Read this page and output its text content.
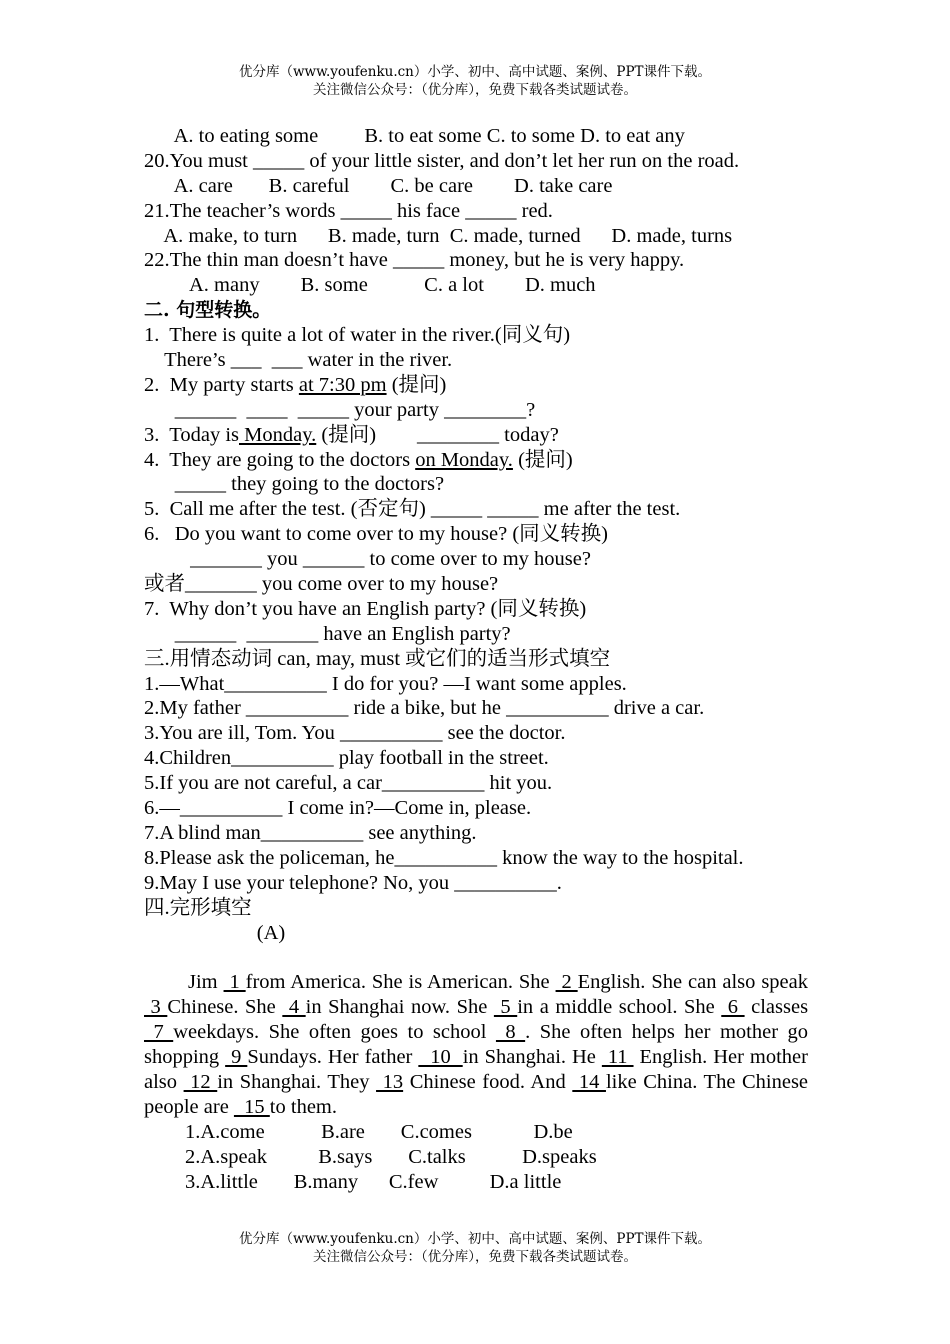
优分库（www.youfenku.cn）小学、初中、高中试题、案例、PPT课件下载。
关注微信公众号：（优分库），免费下载各类试题试卷。
A. to eating some         B. to eat some C. to some D. to eat any
20.You must _____ of your little sister, and don’t let her run on the road.
A. care       B. careful        C. be care        D. take care
21.The teacher’s words _____ his face _____ red.
A. make, to turn      B. made, turn  C. made, turned      D. made, turns
22.The thin man doesn’t have _____ money, but he is very happy.
A. many        B. some           C. a lot        D. much
二. 句型转换。
1.  There is quite a lot of water in the river.(同义句)
There’s ___  ___ water in the river.
2.  My party starts at 7:30 pm (提问)
______  ____  _____ your party ________?
3.  Today is Monday. (提问)        ________ today?
4.  They are going to the doctors on Monday. (提问)
_____ they going to the doctors?
5.  Call me after the test. (否定句) _____ _____ me after the test.
6.   Do you want to come over to my house? (同义转换)
_______ you ______ to come over to my house?
或者_______ you come over to my house?
7.  Why don’t you have an English party? (同义转换)
______  _______ have an English party?
三.用情态动词 can, may, must 或它们的适当形式填空
1.—What__________ I do for you? —I want some apples.
2.My father __________ ride a bike, but he __________ drive a car.
3.You are ill, Tom. You __________ see the doctor.
4.Children__________ play football in the street.
5.If you are not careful, a car__________ hit you.
6.—__________ I come in?—Come in, please.
7.A blind man__________ see anything.
8.Please ask the policeman, he__________ know the way to the hospital.
9.May I use your telephone? No, you __________.
四.完形填空
(A)
Jim  1 from America. She is American. She  2 English. She can also speak  3 Chinese. She  4 in Shanghai now. She  5 in a middle school. She  6  classes  7 weekdays. She often goes to school  8 . She often helps her mother go shopping  9 Sundays. Her father   10  in Shanghai. He  11  English. Her mother also  12 in Shanghai. They  13 Chinese food. And  14 like China. The Chinese people are   15 to them.
1.A.come           B.are       C.comes            D.be
2.A.speak          B.says       C.talks           D.speaks
3.A.little       B.many      C.few          D.a little
优分库（www.youfenku.cn）小学、初中、高中试题、案例、PPT课件下载。
关注微信公众号：（优分库），免费下载各类试题试卷。
